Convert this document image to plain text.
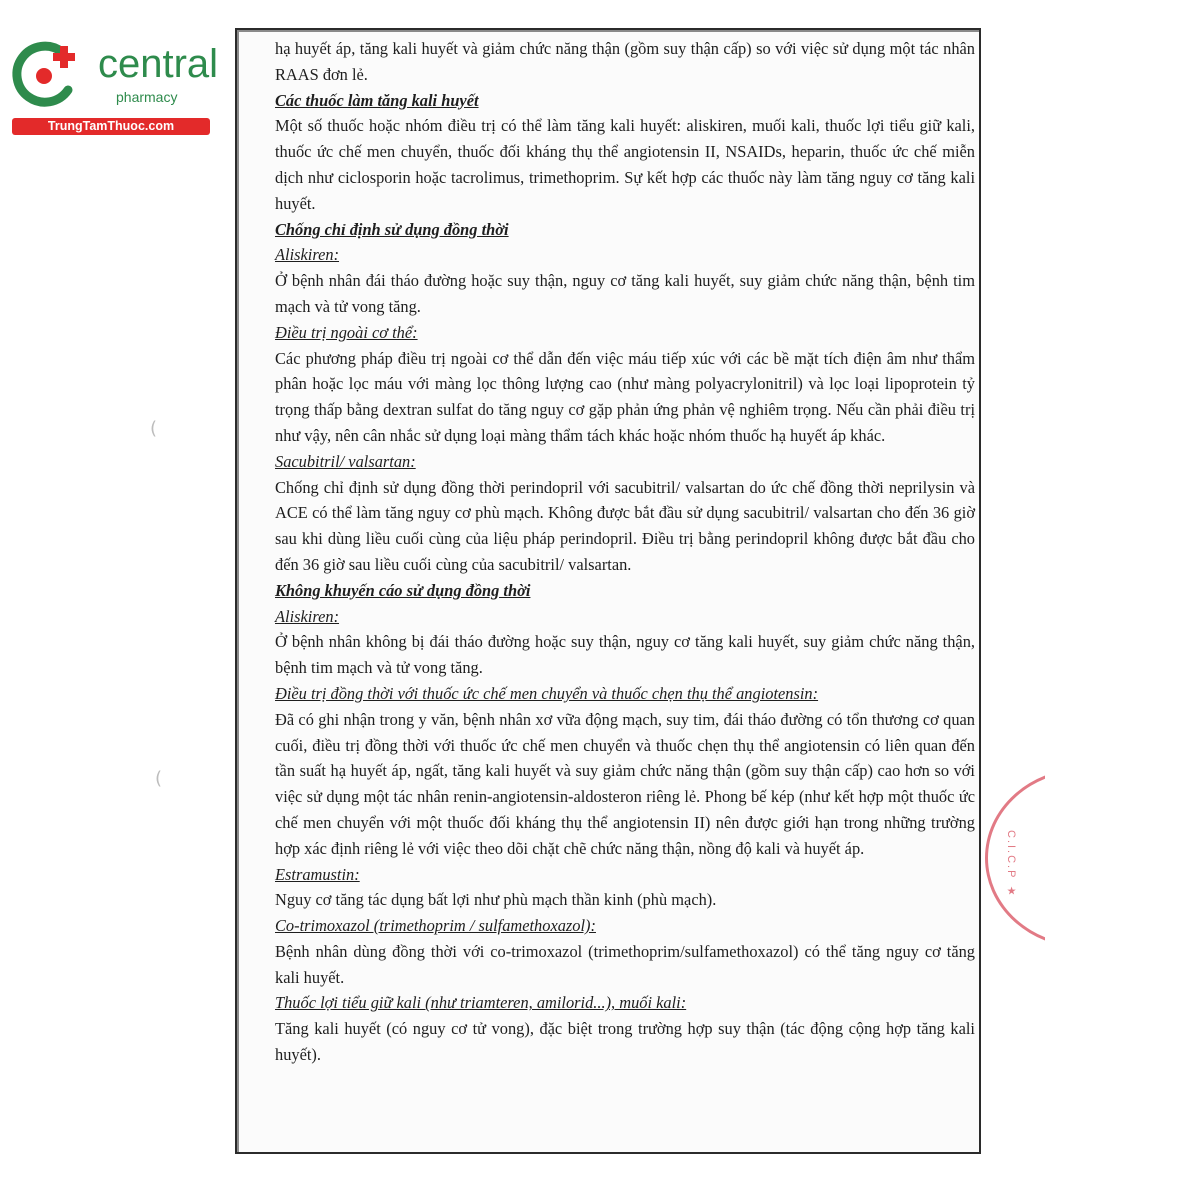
central
pharmacy
TrungTamThuoc.com
(
(

hạ huyết áp, tăng kali huyết và giảm chức năng thận (gồm suy thận cấp) so với việc sử dụng một tác nhân RAAS đơn lẻ.

Các thuốc làm tăng kali huyết

Một số thuốc hoặc nhóm điều trị có thể làm tăng kali huyết: aliskiren, muối kali, thuốc lợi tiểu giữ kali, thuốc ức chế men chuyển, thuốc đối kháng thụ thể angiotensin II, NSAIDs, heparin, thuốc ức chế miễn dịch như ciclosporin hoặc tacrolimus, trimethoprim. Sự kết hợp các thuốc này làm tăng nguy cơ tăng kali huyết.

Chống chỉ định sử dụng đồng thời

Aliskiren:

Ở bệnh nhân đái tháo đường hoặc suy thận, nguy cơ tăng kali huyết, suy giảm chức năng thận, bệnh tim mạch và tử vong tăng.

Điều trị ngoài cơ thể:

Các phương pháp điều trị ngoài cơ thể dẫn đến việc máu tiếp xúc với các bề mặt tích điện âm như thẩm phân hoặc lọc máu với màng lọc thông lượng cao (như màng polyacrylonitril) và lọc loại lipoprotein tỷ trọng thấp bằng dextran sulfat do tăng nguy cơ gặp phản ứng phản vệ nghiêm trọng. Nếu cần phải điều trị như vậy, nên cân nhắc sử dụng loại màng thẩm tách khác hoặc nhóm thuốc hạ huyết áp khác.

Sacubitril/ valsartan:

Chống chỉ định sử dụng đồng thời perindopril với sacubitril/ valsartan do ức chế đồng thời neprilysin và ACE có thể làm tăng nguy cơ phù mạch. Không được bắt đầu sử dụng sacubitril/ valsartan cho đến 36 giờ sau khi dùng liều cuối cùng của liệu pháp perindopril. Điều trị bằng perindopril không được bắt đầu cho đến 36 giờ sau liều cuối cùng của sacubitril/ valsartan.

Không khuyến cáo sử dụng đồng thời

Aliskiren:

Ở bệnh nhân không bị đái tháo đường hoặc suy thận, nguy cơ tăng kali huyết, suy giảm chức năng thận, bệnh tim mạch và tử vong tăng.

Điều trị đồng thời với thuốc ức chế men chuyển và thuốc chẹn thụ thể angiotensin:

Đã có ghi nhận trong y văn, bệnh nhân xơ vữa động mạch, suy tim, đái tháo đường có tổn thương cơ quan cuối, điều trị đồng thời với thuốc ức chế men chuyển và thuốc chẹn thụ thể angiotensin có liên quan đến tần suất hạ huyết áp, ngất, tăng kali huyết và suy giảm chức năng thận (gồm suy thận cấp) cao hơn so với việc sử dụng một tác nhân renin-angiotensin-aldosteron riêng lẻ. Phong bế kép (như kết hợp một thuốc ức chế men chuyển với một thuốc đối kháng thụ thể angiotensin II) nên được giới hạn trong những trường hợp xác định riêng lẻ với việc theo dõi chặt chẽ chức năng thận, nồng độ kali và huyết áp.

Estramustin:

Nguy cơ tăng tác dụng bất lợi như phù mạch thần kinh (phù mạch).

Co-trimoxazol (trimethoprim / sulfamethoxazol):

Bệnh nhân dùng đồng thời với co-trimoxazol (trimethoprim/sulfamethoxazol) có thể tăng nguy cơ tăng kali huyết.

Thuốc lợi tiểu giữ kali (như triamteren, amilorid...), muối kali:

Tăng kali huyết (có nguy cơ tử vong), đặc biệt trong trường hợp suy thận (tác động cộng hợp tăng kali huyết).

C.I.C.P ★
